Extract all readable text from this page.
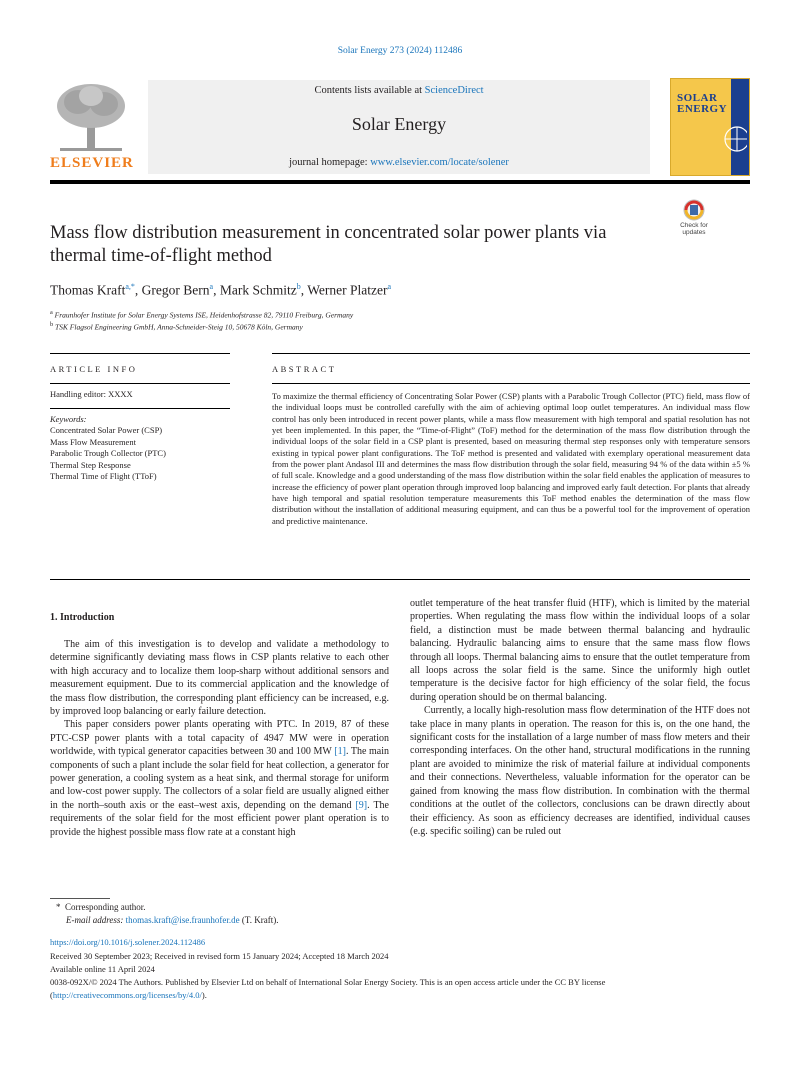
Solar Energy 273 (2024) 112486
ELSEVIER
Contents lists available at ScienceDirect
Solar Energy
journal homepage: www.elsevier.com/locate/solener
SOLAR
ENERGY
Mass flow distribution measurement in concentrated solar power plants via thermal time-of-flight method
Check for
updates
Thomas Kraft$^{a,*}$, Gregor Bern$^a$, Mark Schmitz$^b$, Werner Platzer$^a$
$^a$ Fraunhofer Institute for Solar Energy Systems ISE, Heidenhofstrasse 82, 79110 Freiburg, Germany
$^b$ TSK Flagsol Engineering GmbH, Anna-Schneider-Steig 10, 50678 Köln, Germany
ARTICLE INFO
Handling editor: XXXX
Keywords:
Concentrated Solar Power (CSP)
Mass Flow Measurement
Parabolic Trough Collector (PTC)
Thermal Step Response
Thermal Time of Flight (TToF)
ABSTRACT
To maximize the thermal efficiency of Concentrating Solar Power (CSP) plants with a Parabolic Trough Collector (PTC) field, mass flow of the individual loops must be controlled carefully with the aim of achieving optimal loop outlet temperatures. An individual mass flow control has only been introduced in recent power plants, while a mass flow measurement with high temporal and spatial resolution has not yet been implemented. In this paper, the “Time-of-Flight” (ToF) method for the determination of the mass flow distribution through the individual loops of the solar field in a CSP plant is presented, based on measuring thermal step responses only with temperature sensors existing in typical power plant configurations. The ToF method is presented and validated with exemplary operational measurement data from the power plant Andasol III and determines the mass flow distribution through the solar field, measuring 94 % of the data within ±5 % of full scale. Knowledge and a good understanding of the mass flow distribution within the solar field enables the application of measures to increase the efficiency of power plant operation through improved loop balancing and improved early fault detection. For plants that already have high temporal and spatial resolution temperature measurements this ToF method enables the determination of the mass flow distribution without the installation of additional measuring equipment, and can thus be a powerful tool for the improvement of operation and predictive maintenance.
1. Introduction

The aim of this investigation is to develop and validate a methodology to determine significantly deviating mass flows in CSP plants relative to each other with high accuracy and to localize them loop-sharp without additional sensors and measurement equipment. Due to its commercial application and the knowledge of the mass flow distribution, the corresponding plant efficiency can be increased, e.g. by improved loop balancing or early failure detection.

This paper considers power plants operating with PTC. In 2019, 87 of these PTC-CSP power plants with a total capacity of 4947 MW were in operation worldwide, with typical generator capacities between 30 and 100 MW [1]. The main components of such a plant include the solar field for heat collection, a generator for power generation, a cooling system as a heat sink, and thermal storage for uniform and low-cost power supply. The collectors of a solar field are usually aligned either in the north–south axis or the east–west axis, depending on the demand [9]. The requirements of the solar field for the most efficient power plant operation is to provide the highest possible mass flow rate at a constant high

outlet temperature of the heat transfer fluid (HTF), which is limited by the material properties. When regulating the mass flow within the individual loops of a solar field, a distinction must be made between thermal balancing and hydraulic balancing. Hydraulic balancing aims to ensure that the same mass flow flows through all loops. Thermal balancing aims to ensure that the outlet temperature from all loops across the solar field is the same. Since the uniformly high outlet temperature is the decisive factor for high efficiency of the solar field, the focus during operation should be on thermal balancing.

Currently, a locally high-resolution mass flow determination of the HTF does not take place in many plants in operation. The reason for this is, on the one hand, the significant costs for the installation of a large number of mass flow meters and their corresponding interfaces. On the other hand, structural modifications in the running plant are avoided to minimize the risk of material failure at individual components and their connections. Nevertheless, valuable information for the operator can be gained from knowing the mass flow distribution. In combination with the thermal conditions at the outlet of the collectors, conclusions can be drawn directly about their efficiency. As soon as efficiency decreases are identified, individual causes (e.g. specific soiling) can be ruled out

* Corresponding author.
E-mail address: thomas.kraft@ise.fraunhofer.de (T. Kraft).
https://doi.org/10.1016/j.solener.2024.112486
Received 30 September 2023; Received in revised form 15 January 2024; Accepted 18 March 2024
Available online 11 April 2024
0038-092X/© 2024 The Authors. Published by Elsevier Ltd on behalf of International Solar Energy Society. This is an open access article under the CC BY license
(http://creativecommons.org/licenses/by/4.0/).
